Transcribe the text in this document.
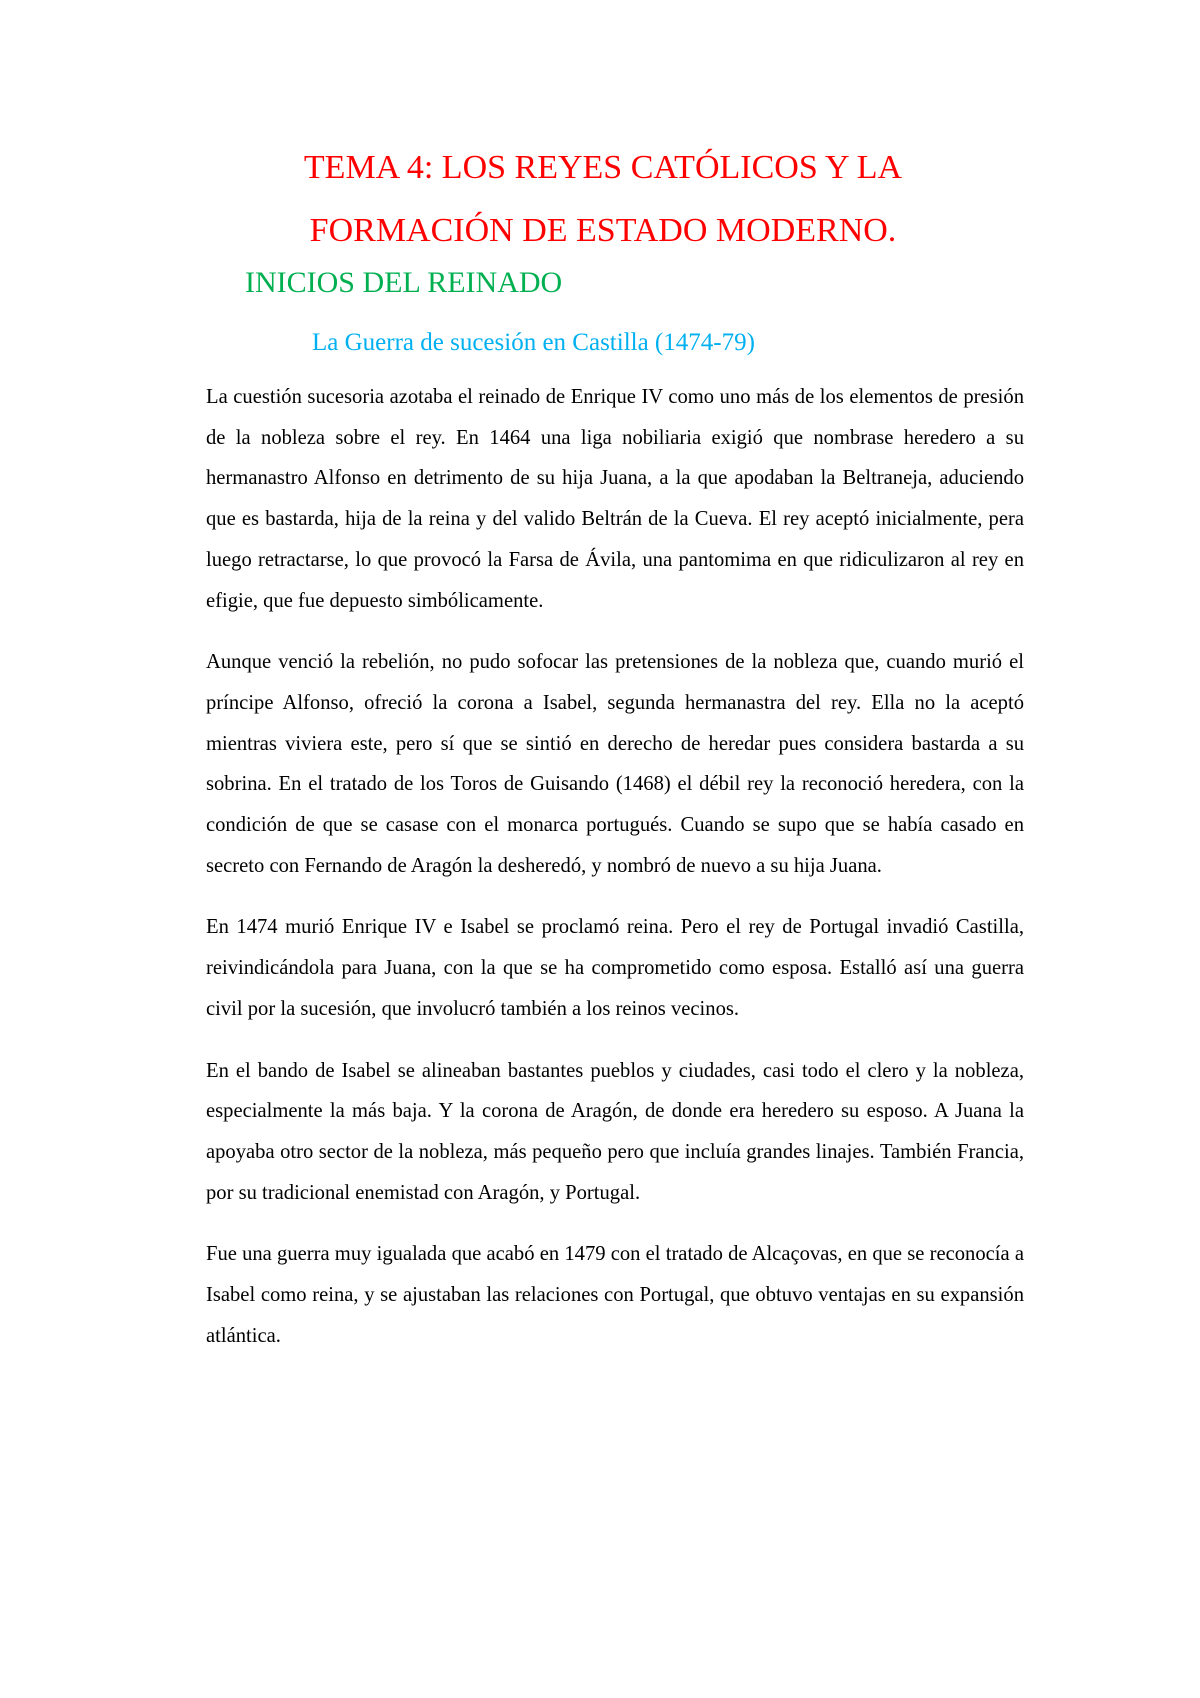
TEMA 4: LOS REYES CATÓLICOS Y LA FORMACIÓN DE ESTADO MODERNO.
INICIOS DEL REINADO
La Guerra de sucesión en Castilla (1474-79)

La cuestión sucesoria azotaba el reinado de Enrique IV como uno más de los elementos de presión de la nobleza sobre el rey. En 1464 una liga nobiliaria exigió que nombrase heredero a su hermanastro Alfonso en detrimento de su hija Juana, a la que apodaban la Beltraneja, aduciendo que es bastarda, hija de la reina y del valido Beltrán de la Cueva. El rey aceptó inicialmente, pera luego retractarse, lo que provocó la Farsa de Ávila, una pantomima en que ridiculizaron al rey en efigie, que fue depuesto simbólicamente.

Aunque venció la rebelión, no pudo sofocar las pretensiones de la nobleza que, cuando murió el príncipe Alfonso, ofreció la corona a Isabel, segunda hermanastra del rey. Ella no la aceptó mientras viviera este, pero sí que se sintió en derecho de heredar pues considera bastarda a su sobrina. En el tratado de los Toros de Guisando (1468) el débil rey la reconoció heredera, con la condición de que se casase con el monarca portugués. Cuando se supo que se había casado en secreto con Fernando de Aragón la desheredó, y nombró de nuevo a su hija Juana.

En 1474 murió Enrique IV e Isabel se proclamó reina. Pero el rey de Portugal invadió Castilla, reivindicándola para Juana, con la que se ha comprometido como esposa. Estalló así una guerra civil por la sucesión, que involucró también a los reinos vecinos.

En el bando de Isabel se alineaban bastantes pueblos y ciudades, casi todo el clero y la nobleza, especialmente la más baja. Y la corona de Aragón, de donde era heredero su esposo. A Juana la apoyaba otro sector de la nobleza, más pequeño pero que incluía grandes linajes. También Francia, por su tradicional enemistad con Aragón, y Portugal.

Fue una guerra muy igualada que acabó en 1479 con el tratado de Alcaçovas, en que se reconocía a Isabel como reina, y se ajustaban las relaciones con Portugal, que obtuvo ventajas en su expansión atlántica.
